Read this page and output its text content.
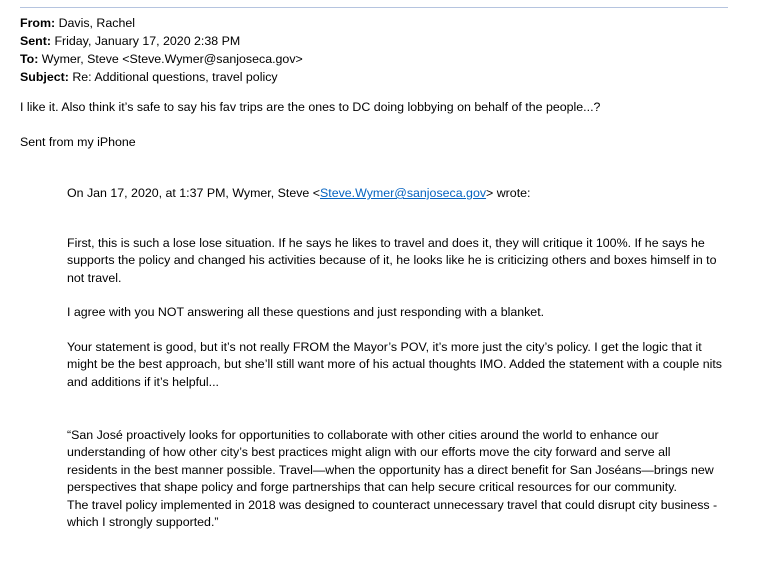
From: Davis, Rachel
Sent: Friday, January 17, 2020 2:38 PM
To: Wymer, Steve <Steve.Wymer@sanjoseca.gov>
Subject: Re: Additional questions, travel policy
I like it. Also think it’s safe to say his fav trips are the ones to DC doing lobbying on behalf of the people...?
Sent from my iPhone
On Jan 17, 2020, at 1:37 PM, Wymer, Steve <Steve.Wymer@sanjoseca.gov> wrote:

First, this is such a lose lose situation. If he says he likes to travel and does it, they will critique it 100%. If he says he supports the policy and changed his activities because of it, he looks like he is criticizing others and boxes himself in to not travel.

I agree with you NOT answering all these questions and just responding with a blanket.

Your statement is good, but it’s not really FROM the Mayor’s POV, it’s more just the city’s policy. I get the logic that it might be the best approach, but she’ll still want more of his actual thoughts IMO. Added the statement with a couple nits and additions if it’s helpful...

“San José proactively looks for opportunities to collaborate with other cities around the world to enhance our understanding of how other city’s best practices might align with our efforts move the city forward and serve all residents in the best manner possible. Travel—when the opportunity has a direct benefit for San Joséans—brings new perspectives that shape policy and forge partnerships that can help secure critical resources for our community.

The travel policy implemented in 2018 was designed to counteract unnecessary travel that could disrupt city business - which I strongly supported.”
